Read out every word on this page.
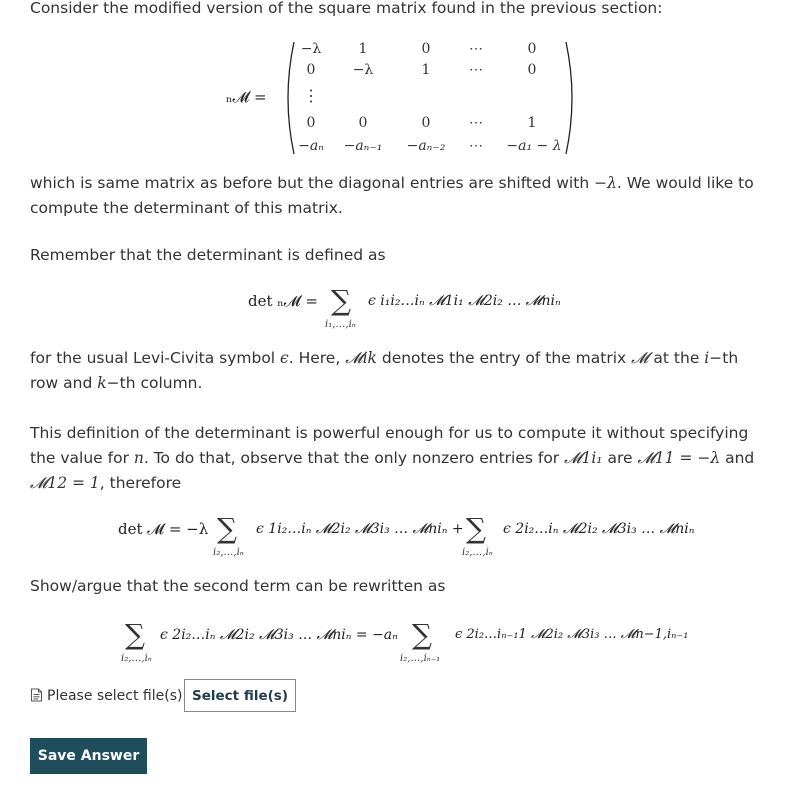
Consider the modified version of the square matrix found in the previous section:

ₙ𝓜 =
−λ	1	0	⋯	0
0	−λ	1	⋯	0
⋮
0	0	0	⋯	1
−aₙ	−aₙ₋₁	−aₙ₋₂	⋯	−a₁ − λ

which is same matrix as before but the diagonal entries are shifted with −λ. We would like to compute the determinant of this matrix.

Remember that the determinant is defined as

det ₙ𝓜 = ∑
i₁,…,iₙ
ϵ i₁i₂…iₙ 𝓜1i₁ 𝓜2i₂ … 𝓜niₙ

for the usual Levi-Civita symbol ϵ. Here, 𝓜ik denotes the entry of the matrix 𝓜 at the i−th row and k−th column.

This definition of the determinant is powerful enough for us to compute it without specifying the value for n. To do that, observe that the only nonzero entries for 𝓜1i₁ are 𝓜11 = −λ and 𝓜12 = 1, therefore

det 𝓜 = −λ ∑
i₂,…,iₙ
ϵ 1i₂…iₙ 𝓜2i₂ 𝓜3i₃ … 𝓜niₙ + ∑
i₂,…,iₙ
ϵ 2i₂…iₙ 𝓜2i₂ 𝓜3i₃ … 𝓜niₙ

Show/argue that the second term can be rewritten as

∑
i₂,…,iₙ
ϵ 2i₂…iₙ 𝓜2i₂ 𝓜3i₃ … 𝓜niₙ = −aₙ ∑
i₂,…,iₙ₋₁
ϵ 2i₂…iₙ₋₁1 𝓜2i₂ 𝓜3i₃ … 𝓜n−1,iₙ₋₁
Please select file(s) Select file(s)
Save Answer
